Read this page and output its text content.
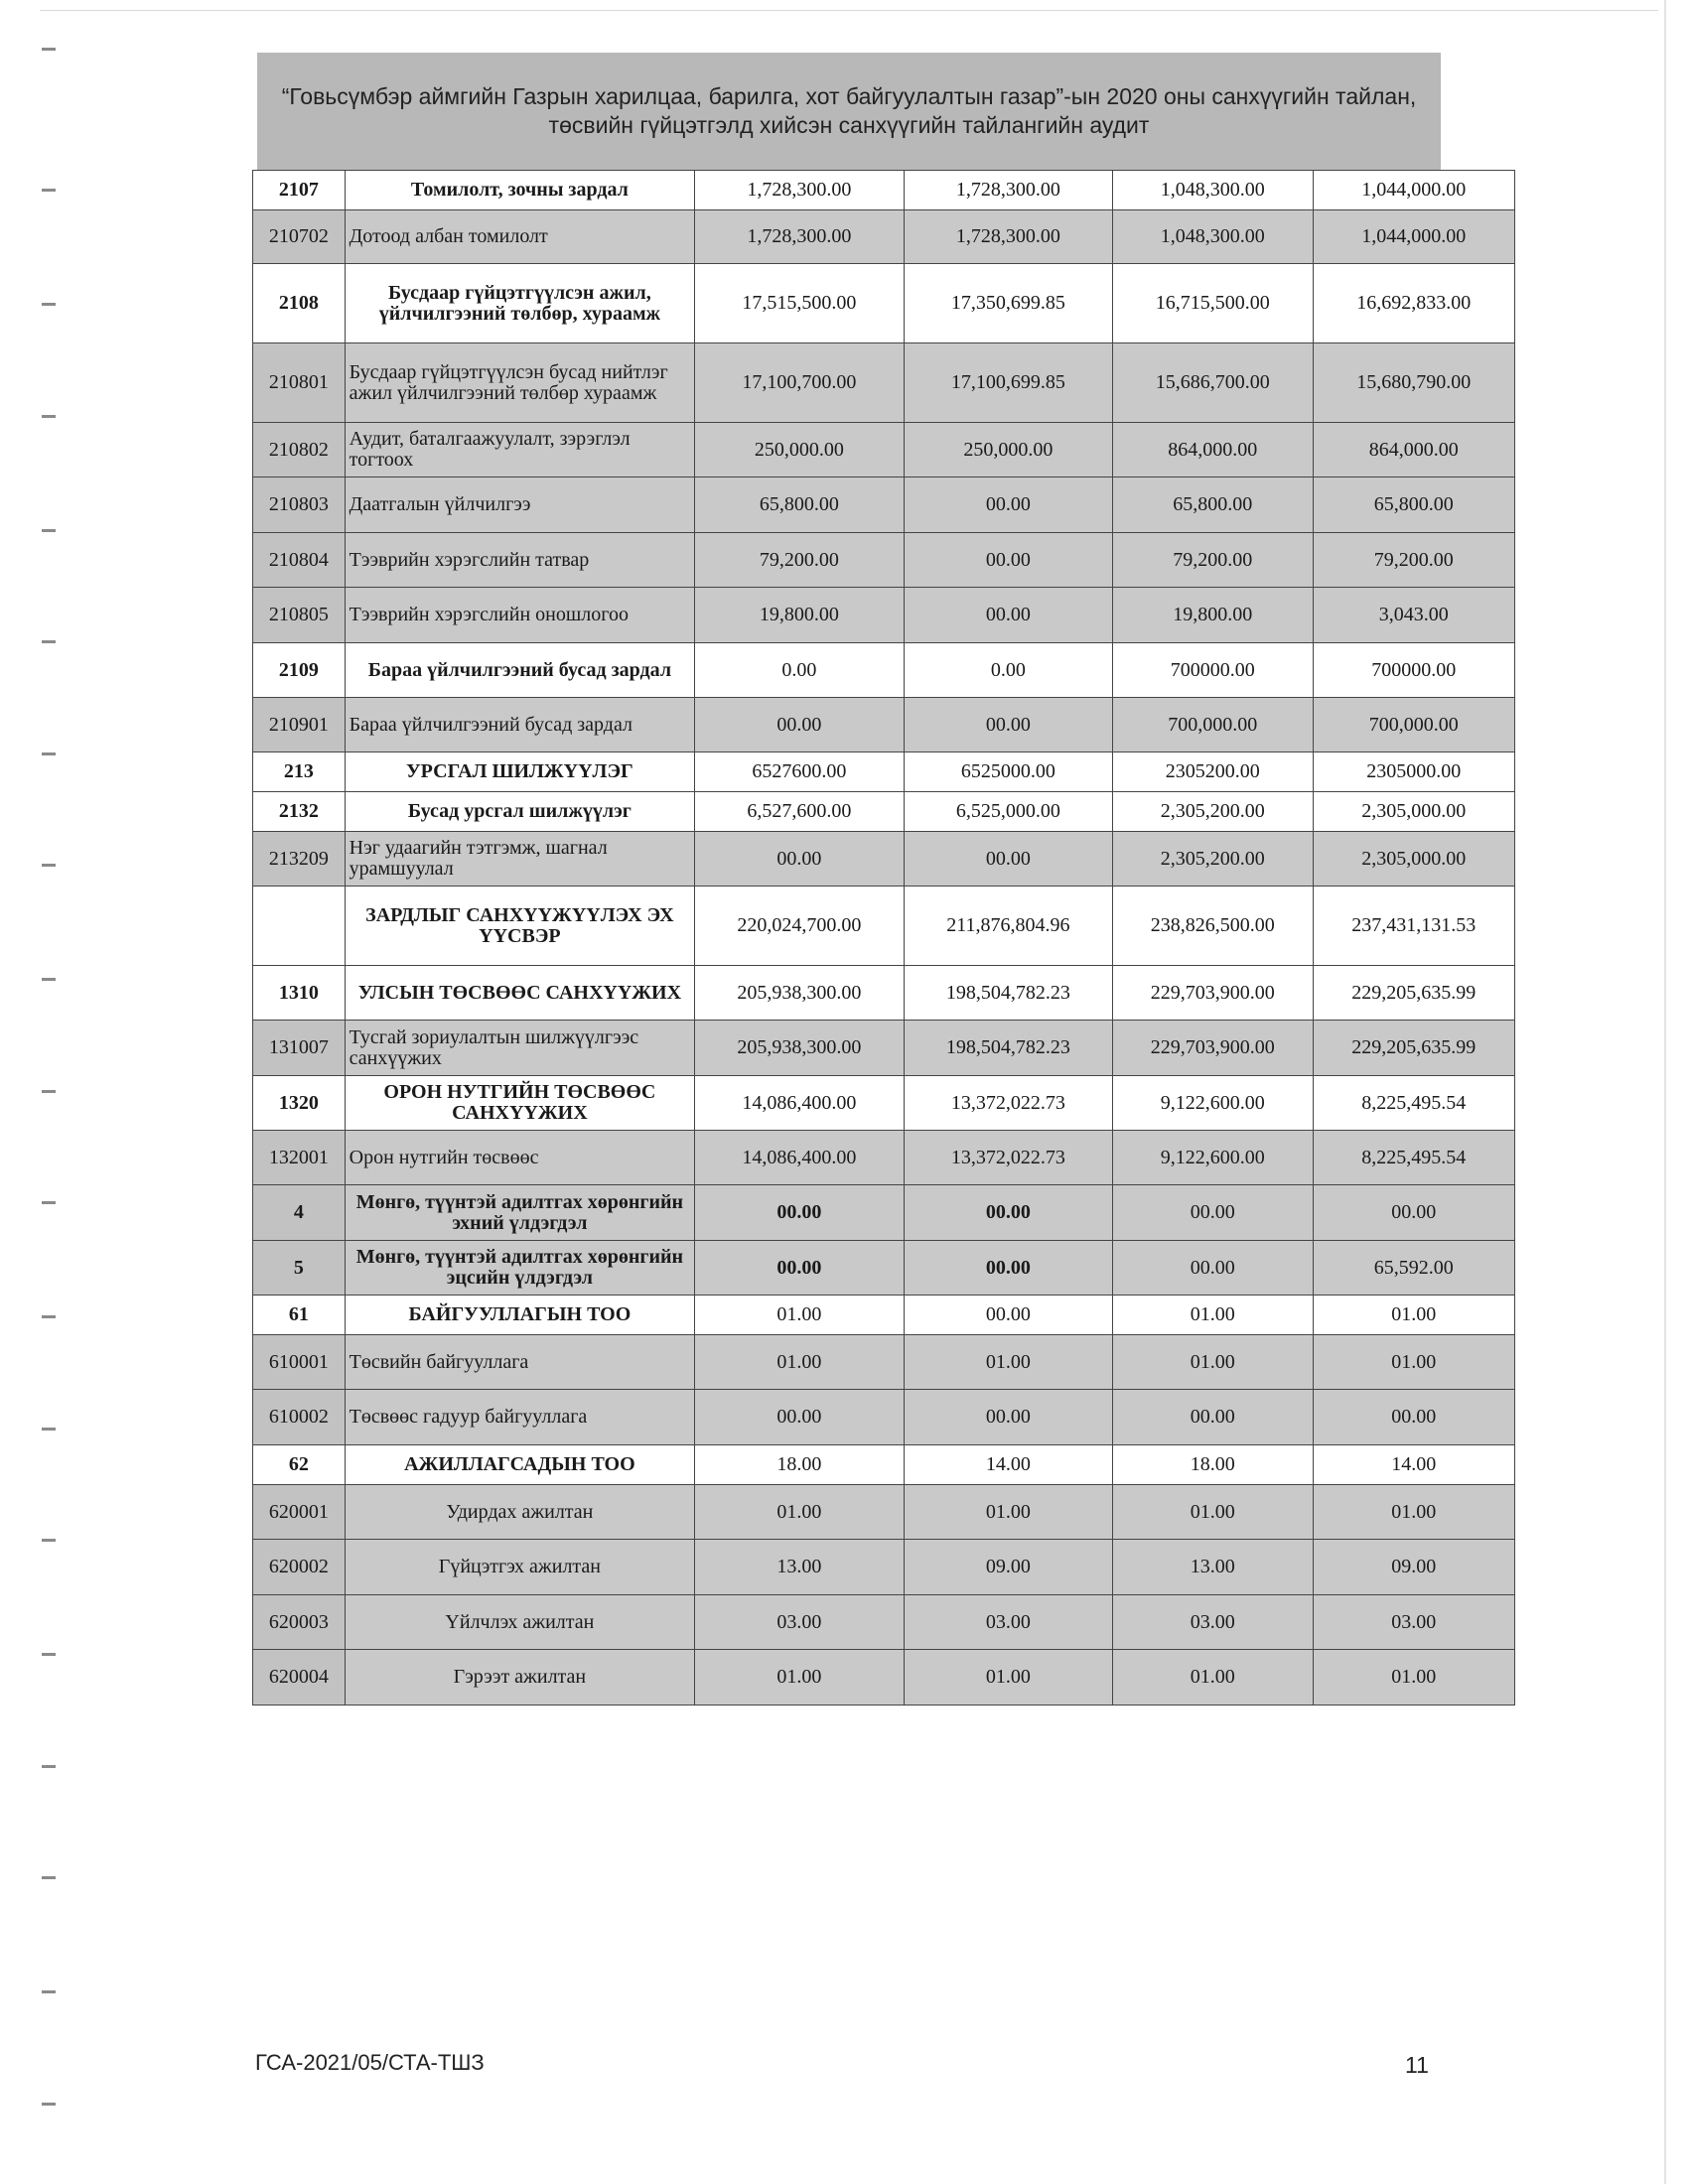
“Говьсүмбэр аймгийн Газрын харилцаа, барилга, хот байгуулалтын газар”-ын 2020 оны санхүүгийн тайлан, төсвийн гүйцэтгэлд хийсэн санхүүгийн тайлангийн аудит
2107	Томилолт, зочны зардал	1,728,300.00	1,728,300.00	1,048,300.00	1,044,000.00
210702	Дотоод албан томилолт	1,728,300.00	1,728,300.00	1,048,300.00	1,044,000.00
2108	Бусдаар гүйцэтгүүлсэн ажил, үйлчилгээний төлбөр, хураамж	17,515,500.00	17,350,699.85	16,715,500.00	16,692,833.00
210801	Бусдаар гүйцэтгүүлсэн бусад нийтлэг ажил үйлчилгээний төлбөр хураамж	17,100,700.00	17,100,699.85	15,686,700.00	15,680,790.00
210802	Аудит, баталгаажуулалт, зэрэглэл тогтоох	250,000.00	250,000.00	864,000.00	864,000.00
210803	Даатгалын үйлчилгээ	65,800.00	00.00	65,800.00	65,800.00
210804	Тээврийн хэрэгслийн татвар	79,200.00	00.00	79,200.00	79,200.00
210805	Тээврийн хэрэгслийн оношлогоо	19,800.00	00.00	19,800.00	3,043.00
2109	Бараа үйлчилгээний бусад зардал	0.00	0.00	700000.00	700000.00
210901	Бараа үйлчилгээний бусад зардал	00.00	00.00	700,000.00	700,000.00
213	УРСГАЛ ШИЛЖҮҮЛЭГ	6527600.00	6525000.00	2305200.00	2305000.00
2132	Бусад урсгал шилжүүлэг	6,527,600.00	6,525,000.00	2,305,200.00	2,305,000.00
213209	Нэг удаагийн тэтгэмж, шагнал урамшуулал	00.00	00.00	2,305,200.00	2,305,000.00
	ЗАРДЛЫГ САНХҮҮЖҮҮЛЭХ ЭХ ҮҮСВЭР	220,024,700.00	211,876,804.96	238,826,500.00	237,431,131.53
1310	УЛСЫН ТӨСВӨӨС САНХҮҮЖИХ	205,938,300.00	198,504,782.23	229,703,900.00	229,205,635.99
131007	Тусгай зориулалтын шилжүүлгээс санхүүжих	205,938,300.00	198,504,782.23	229,703,900.00	229,205,635.99
1320	ОРОН НУТГИЙН ТӨСВӨӨС САНХҮҮЖИХ	14,086,400.00	13,372,022.73	9,122,600.00	8,225,495.54
132001	Орон нутгийн төсвөөс	14,086,400.00	13,372,022.73	9,122,600.00	8,225,495.54
4	Мөнгө, түүнтэй адилтгах хөрөнгийн эхний үлдэгдэл	00.00	00.00	00.00	00.00
5	Мөнгө, түүнтэй адилтгах хөрөнгийн эцсийн үлдэгдэл	00.00	00.00	00.00	65,592.00
61	БАЙГУУЛЛАГЫН ТОО	01.00	00.00	01.00	01.00
610001	Төсвийн байгууллага	01.00	01.00	01.00	01.00
610002	Төсвөөс гадуур байгууллага	00.00	00.00	00.00	00.00
62	АЖИЛЛАГСАДЫН ТОО	18.00	14.00	18.00	14.00
620001	Удирдах ажилтан	01.00	01.00	01.00	01.00
620002	Гүйцэтгэх ажилтан	13.00	09.00	13.00	09.00
620003	Үйлчлэх ажилтан	03.00	03.00	03.00	03.00
620004	Гэрээт ажилтан	01.00	01.00	01.00	01.00
ГСА-2021/05/СТА-ТШЗ	11
